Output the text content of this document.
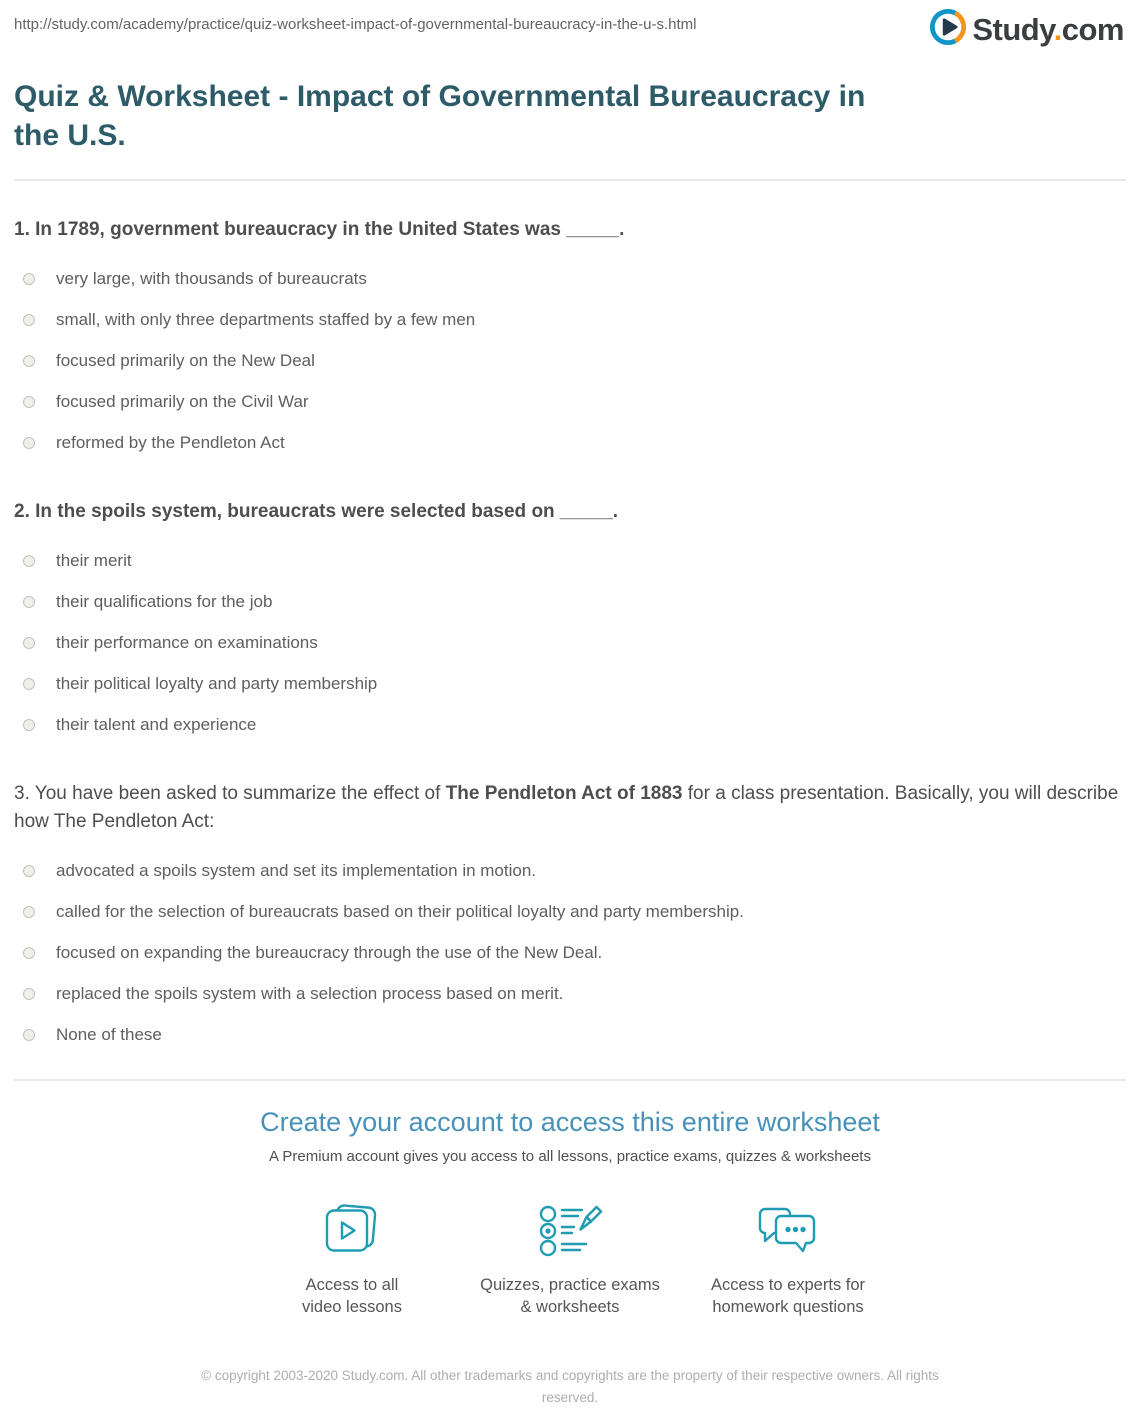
http://study.com/academy/practice/quiz-worksheet-impact-of-governmental-bureaucracy-in-the-u-s.html	Study.com
Quiz & Worksheet - Impact of Governmental Bureaucracy in the U.S.
1. In 1789, government bureaucracy in the United States was _____.
very large, with thousands of bureaucrats
small, with only three departments staffed by a few men
focused primarily on the New Deal
focused primarily on the Civil War
reformed by the Pendleton Act
2. In the spoils system, bureaucrats were selected based on _____.
their merit
their qualifications for the job
their performance on examinations
their political loyalty and party membership
their talent and experience
3. You have been asked to summarize the effect of The Pendleton Act of 1883 for a class presentation. Basically, you will describe how The Pendleton Act:
advocated a spoils system and set its implementation in motion.
called for the selection of bureaucrats based on their political loyalty and party membership.
focused on expanding the bureaucracy through the use of the New Deal.
replaced the spoils system with a selection process based on merit.
None of these
Create your account to access this entire worksheet

A Premium account gives you access to all lessons, practice exams, quizzes & worksheets

Access to all
video lessons
Quizzes, practice exams
& worksheets
Access to experts for
homework questions

© copyright 2003-2020 Study.com. All other trademarks and copyrights are the property of their respective owners. All rights reserved.
